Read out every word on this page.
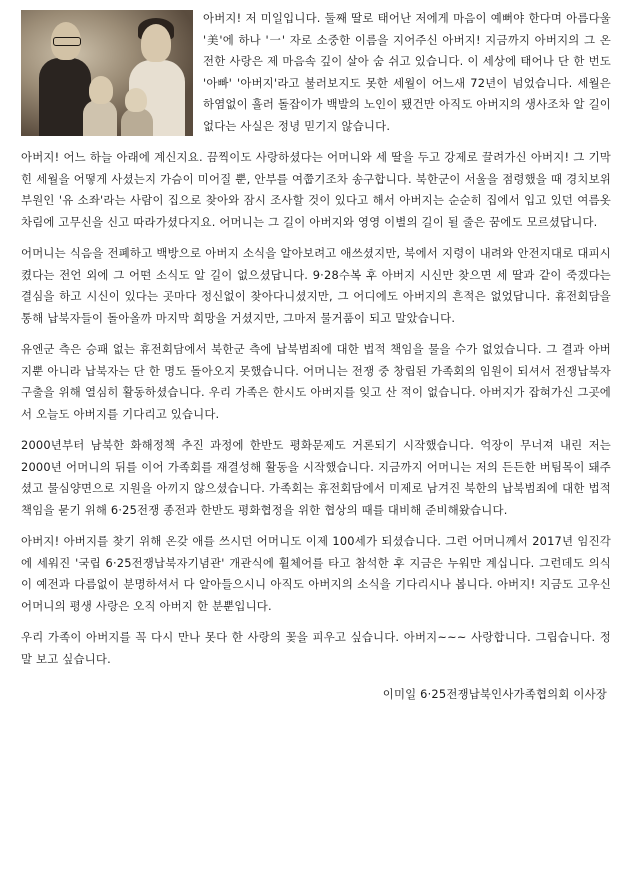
아버지! 저 미일입니다. 둘째 딸로 태어난 저에게 마음이 예뻐야 한다며 아름다울 '美'에 하나 '一' 자로 소중한 이름을 지어주신 아버지! 지금까지 아버지의 그 온전한 사랑은 제 마음속 깊이 살아 숨 쉬고 있습니다. 이 세상에 태어나 단 한 번도 '아빠' '아버지'라고 불러보지도 못한 세월이 어느새 72년이 넘었습니다. 세월은 하염없이 흘러 돌잡이가 백발의 노인이 됐건만 아직도 아버지의 생사조차 알 길이 없다는 사실은 정녕 믿기지 않습니다.

아버지! 어느 하늘 아래에 계신지요. 끔찍이도 사랑하셨다는 어머니와 세 딸을 두고 강제로 끌려가신 아버지! 그 기막힌 세월을 어떻게 사셨는지 가슴이 미어질 뿐, 안부를 여쭙기조차 송구합니다. 북한군이 서울을 점령했을 때 경치보위부원인 '유 소좌'라는 사람이 집으로 찾아와 잠시 조사할 것이 있다고 해서 아버지는 순순히 집에서 입고 있던 여름옷 차림에 고무신을 신고 따라가셨다지요. 어머니는 그 길이 아버지와 영영 이별의 길이 될 줄은 꿈에도 모르셨답니다.

어머니는 식음을 전폐하고 백방으로 아버지 소식을 알아보려고 애쓰셨지만, 북에서 지령이 내려와 안전지대로 대피시켰다는 전언 외에 그 어떤 소식도 알 길이 없으셨답니다. 9·28수복 후 아버지 시신만 찾으면 세 딸과 같이 죽겠다는 결심을 하고 시신이 있다는 곳마다 정신없이 찾아다니셨지만, 그 어디에도 아버지의 흔적은 없었답니다. 휴전회담을 통해 납북자들이 돌아올까 마지막 희망을 거셨지만, 그마저 물거품이 되고 말았습니다.

유엔군 측은 승패 없는 휴전회담에서 북한군 측에 납북범죄에 대한 법적 책임을 물을 수가 없었습니다. 그 결과 아버지뿐 아니라 납북자는 단 한 명도 돌아오지 못했습니다. 어머니는 전쟁 중 창립된 가족회의 임원이 되셔서 전쟁납북자 구출을 위해 열심히 활동하셨습니다. 우리 가족은 한시도 아버지를 잊고 산 적이 없습니다. 아버지가 잡혀가신 그곳에서 오늘도 아버지를 기다리고 있습니다.

2000년부터 남북한 화해정책 추진 과정에 한반도 평화문제도 거론되기 시작했습니다. 억장이 무너져 내린 저는 2000년 어머니의 뒤를 이어 가족회를 재결성해 활동을 시작했습니다. 지금까지 어머니는 저의 든든한 버팀목이 돼주셨고 물심양면으로 지원을 아끼지 않으셨습니다. 가족회는 휴전회담에서 미제로 남겨진 북한의 납북범죄에 대한 법적 책임을 묻기 위해 6·25전쟁 종전과 한반도 평화협정을 위한 협상의 때를 대비해 준비해왔습니다.

아버지! 아버지를 찾기 위해 온갖 애를 쓰시던 어머니도 이제 100세가 되셨습니다. 그런 어머니께서 2017년 임진각에 세워진 '국립 6·25전쟁납북자기념관' 개관식에 휠체어를 타고 참석한 후 지금은 누워만 계십니다. 그런데도 의식이 예전과 다름없이 분명하셔서 다 알아들으시니 아직도 아버지의 소식을 기다리시나 봅니다. 아버지! 지금도 고우신 어머니의 평생 사랑은 오직 아버지 한 분뿐입니다.

우리 가족이 아버지를 꼭 다시 만나 못다 한 사랑의 꽃을 피우고 싶습니다. 아버지~~~ 사랑합니다. 그립습니다. 정말 보고 싶습니다.

이미일 6·25전쟁납북인사가족협의회 이사장
